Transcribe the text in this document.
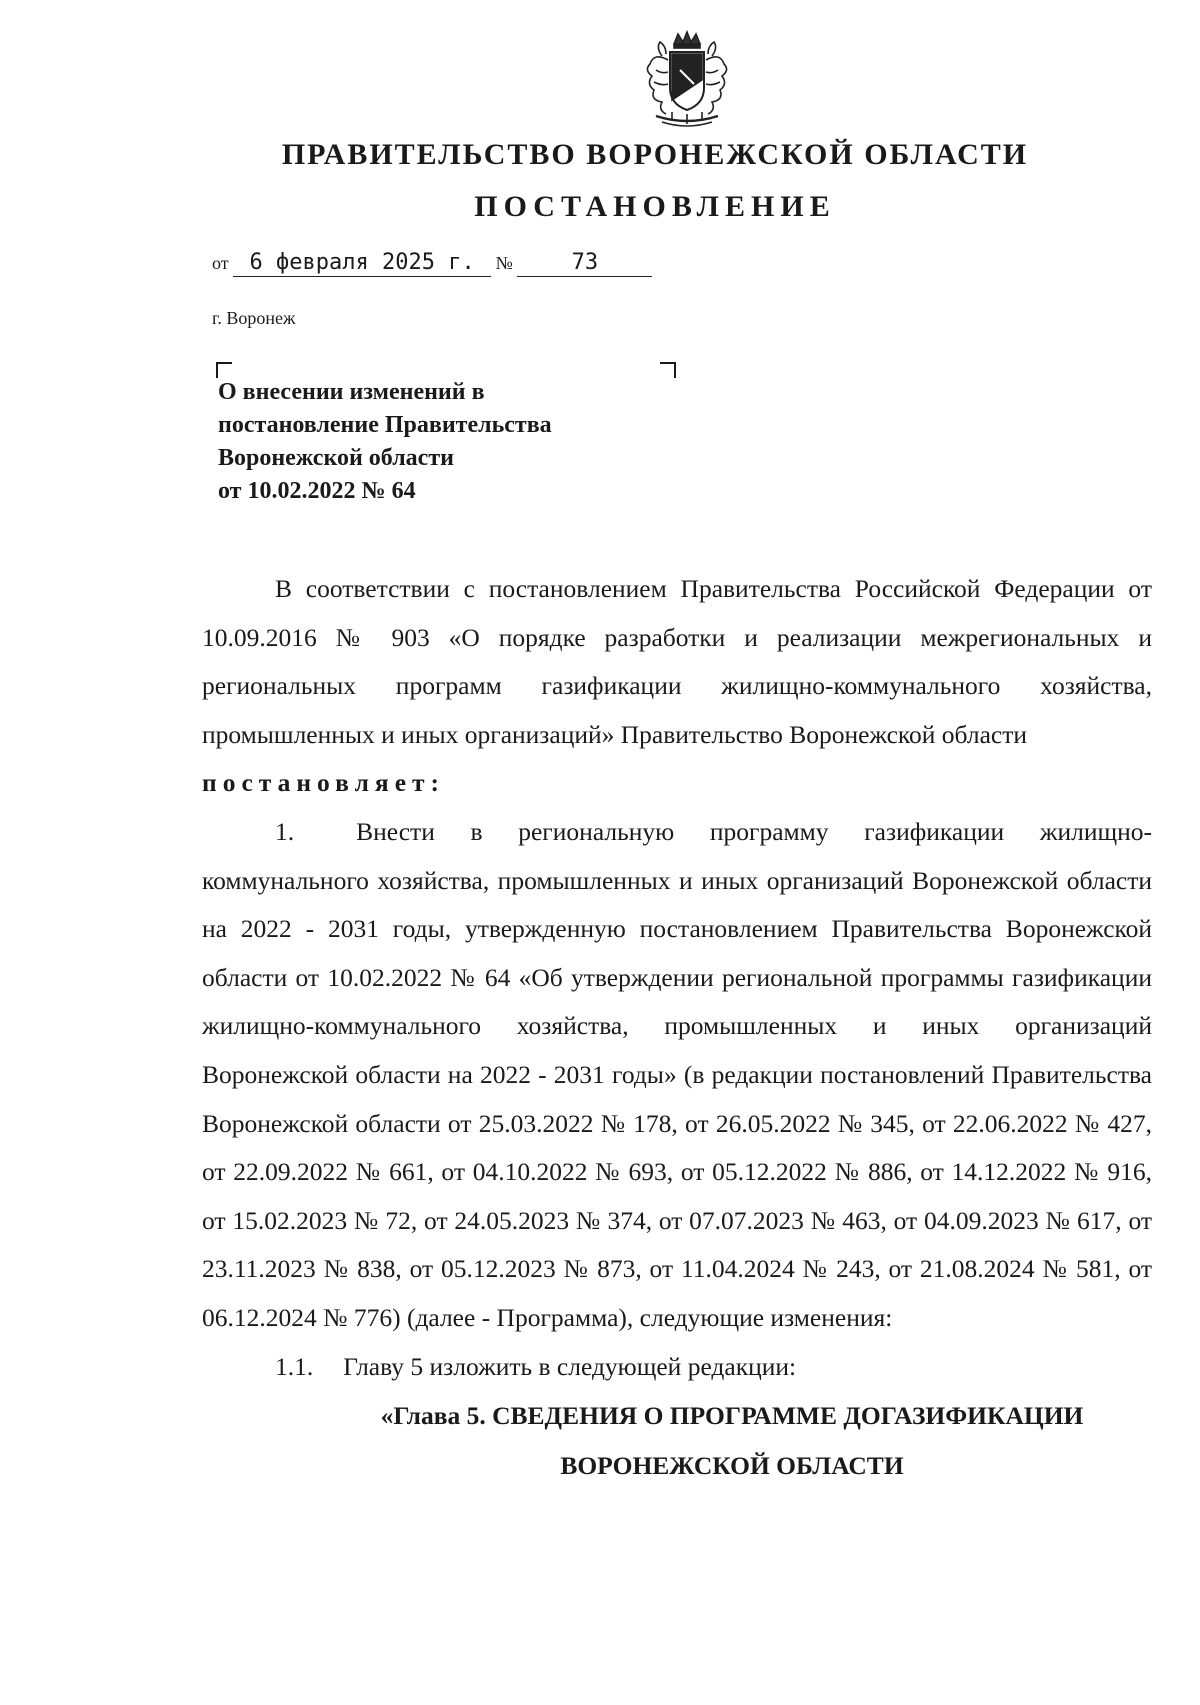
ПРАВИТЕЛЬСТВО ВОРОНЕЖСКОЙ ОБЛАСТИ
ПОСТАНОВЛЕНИЕ
от 6 февраля 2025 г. №	73
г. Воронеж
О внесении изменений в
постановление Правительства
Воронежской области
от 10.02.2022 № 64

В соответствии с постановлением Правительства Российской Федерации от 10.09.2016 № 903 «О порядке разработки и реализации межрегиональных и региональных программ газификации жилищно-коммунального хозяйства, промышленных и иных организаций» Правительство Воронежской области

постановляет:

1. Внести в региональную программу газификации жилищно-коммунального хозяйства, промышленных и иных организаций Воронежской области на 2022 - 2031 годы, утвержденную постановлением Правительства Воронежской области от 10.02.2022 № 64 «Об утверждении региональной программы газификации жилищно-коммунального хозяйства, промышленных и иных организаций Воронежской области на 2022 - 2031 годы» (в редакции постановлений Правительства Воронежской области от 25.03.2022 № 178, от 26.05.2022 № 345, от 22.06.2022 № 427, от 22.09.2022 № 661, от 04.10.2022 № 693, от 05.12.2022 № 886, от 14.12.2022 № 916, от 15.02.2023 № 72, от 24.05.2023 № 374, от 07.07.2023 № 463, от 04.09.2023 № 617, от 23.11.2023 № 838, от 05.12.2023 № 873, от 11.04.2024 № 243, от 21.08.2024 № 581, от 06.12.2024 № 776) (далее - Программа), следующие изменения:

1.1. Главу 5 изложить в следующей редакции:

«Глава 5. СВЕДЕНИЯ О ПРОГРАММЕ ДОГАЗИФИКАЦИИ
ВОРОНЕЖСКОЙ ОБЛАСТИ
